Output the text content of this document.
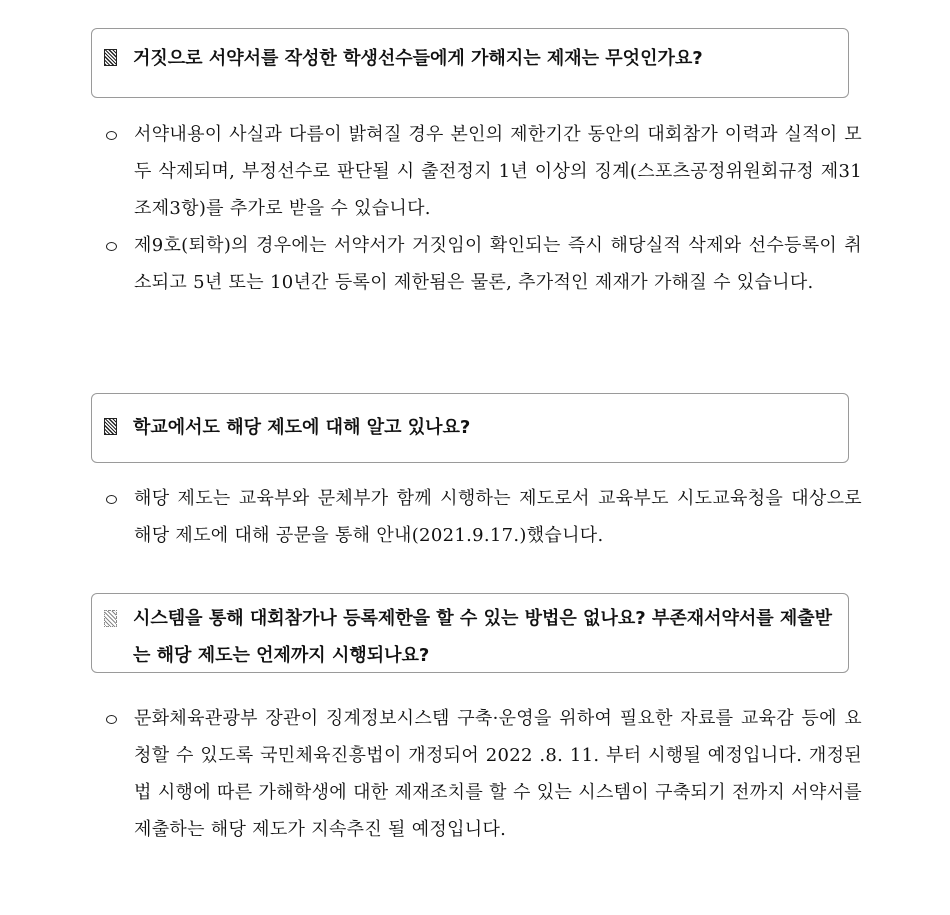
거짓으로 서약서를 작성한 학생선수들에게 가해지는 제재는 무엇인가요?
서약내용이 사실과 다름이 밝혀질 경우 본인의 제한기간 동안의 대회참가 이력과 실적이 모두 삭제되며, 부정선수로 판단될 시 출전정지 1년 이상의 징계(스포츠공정위원회규정 제31조제3항)를 추가로 받을 수 있습니다.
제9호(퇴학)의 경우에는 서약서가 거짓임이 확인되는 즉시 해당실적 삭제와 선수등록이 취소되고 5년 또는 10년간 등록이 제한됨은 물론, 추가적인 제재가 가해질 수 있습니다.
학교에서도 해당 제도에 대해 알고 있나요?
해당 제도는 교육부와 문체부가 함께 시행하는 제도로서 교육부도 시도교육청을 대상으로 해당 제도에 대해 공문을 통해 안내(2021.9.17.)했습니다.
시스템을 통해 대회참가나 등록제한을 할 수 있는 방법은 없나요? 부존재서약서를 제출받는 해당 제도는 언제까지 시행되나요?
문화체육관광부 장관이 징계정보시스템 구축·운영을 위하여 필요한 자료를 교육감 등에 요청할 수 있도록 국민체육진흥법이 개정되어 2022 .8. 11. 부터 시행될 예정입니다. 개정된 법 시행에 따른 가해학생에 대한 제재조치를 할 수 있는 시스템이 구축되기 전까지 서약서를 제출하는 해당 제도가 지속추진 될 예정입니다.
